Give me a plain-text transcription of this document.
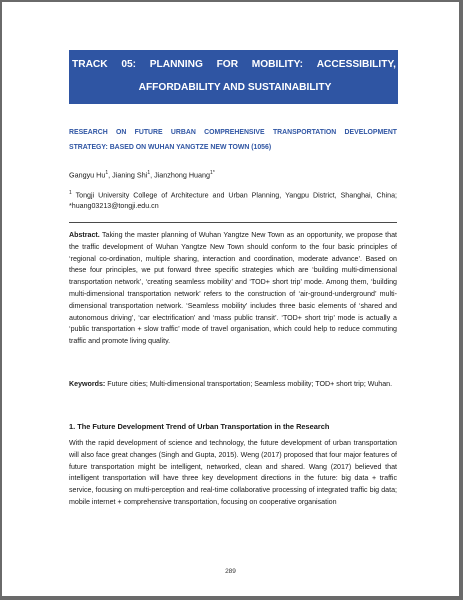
TRACK 05: PLANNING FOR MOBILITY: ACCESSIBILITY,
AFFORDABILITY AND SUSTAINABILITY
RESEARCH ON FUTURE URBAN COMPREHENSIVE TRANSPORTATION DEVELOPMENT STRATEGY: BASED ON WUHAN YANGTZE NEW TOWN (1056)
Gangyu Hu$^1$, Jianing Shi$^1$, Jianzhong Huang$^{1*}$
$^1$ Tongji University College of Architecture and Urban Planning, Yangpu District, Shanghai, China; *huang03213@tongji.edu.cn

Abstract. Taking the master planning of Wuhan Yangtze New Town as an opportunity, we propose that the traffic development of Wuhan Yangtze New Town should conform to the four basic principles of ‘regional co-ordination, multiple sharing, interaction and coordination, moderate advance’. Based on these four principles, we put forward three specific strategies which are ‘building multi-dimensional transportation network’, ‘creating seamless mobility’ and ‘TOD+ short trip’ mode. Among them, ‘building multi-dimensional transportation network’ refers to the construction of ‘air-ground-underground’ multi-dimensional transportation network. ‘Seamless mobility’ includes three basic elements of ‘shared and autonomous driving’, ‘car electrification’ and ‘mass public transit’. ‘TOD+ short trip’ mode is actually a ‘public transportation + slow traffic’ mode of travel organisation, which could help to reduce commuting traffic and promote living quality.

Keywords: Future cities; Multi-dimensional transportation; Seamless mobility; TOD+ short trip; Wuhan.

1. The Future Development Trend of Urban Transportation in the Research

With the rapid development of science and technology, the future development of urban transportation will also face great changes (Singh and Gupta, 2015). Weng (2017) proposed that four major features of future transportation might be intelligent, networked, clean and shared. Wang (2017) believed that intelligent transportation will have three key development directions in the future: big data + traffic service, focusing on multi-perception and real-time collaborative processing of integrated traffic big data; mobile internet + comprehensive transportation, focusing on cooperative organisation

289
